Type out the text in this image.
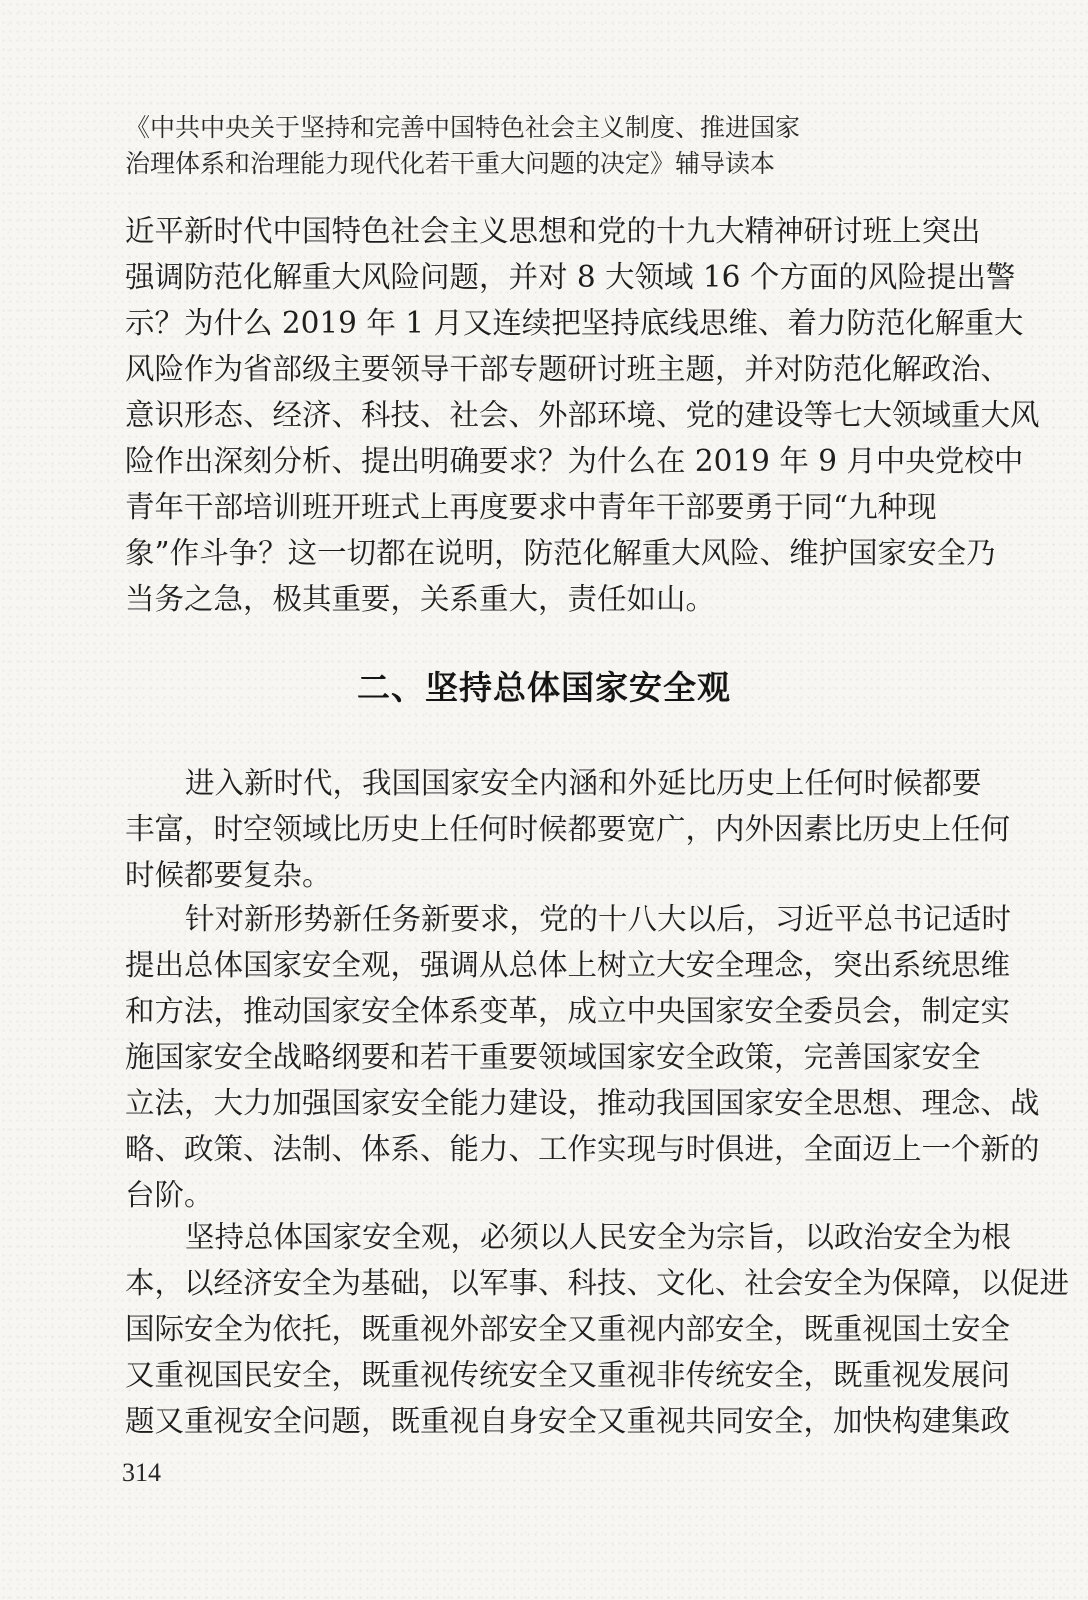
《中共中央关于坚持和完善中国特色社会主义制度、推进国家
治理体系和治理能力现代化若干重大问题的决定》辅导读本
近平新时代中国特色社会主义思想和党的十九大精神研讨班上突出
强调防范化解重大风险问题，并对 8 大领域 16 个方面的风险提出警
示？为什么 2019 年 1 月又连续把坚持底线思维、着力防范化解重大
风险作为省部级主要领导干部专题研讨班主题，并对防范化解政治、
意识形态、经济、科技、社会、外部环境、党的建设等七大领域重大风
险作出深刻分析、提出明确要求？为什么在 2019 年 9 月中央党校中
青年干部培训班开班式上再度要求中青年干部要勇于同“九种现
象”作斗争？这一切都在说明，防范化解重大风险、维护国家安全乃
当务之急，极其重要，关系重大，责任如山。
二、坚持总体国家安全观
进入新时代，我国国家安全内涵和外延比历史上任何时候都要
丰富，时空领域比历史上任何时候都要宽广，内外因素比历史上任何
时候都要复杂。
针对新形势新任务新要求，党的十八大以后，习近平总书记适时
提出总体国家安全观，强调从总体上树立大安全理念，突出系统思维
和方法，推动国家安全体系变革，成立中央国家安全委员会，制定实
施国家安全战略纲要和若干重要领域国家安全政策，完善国家安全
立法，大力加强国家安全能力建设，推动我国国家安全思想、理念、战
略、政策、法制、体系、能力、工作实现与时俱进，全面迈上一个新的
台阶。
坚持总体国家安全观，必须以人民安全为宗旨，以政治安全为根
本，以经济安全为基础，以军事、科技、文化、社会安全为保障，以促进
国际安全为依托，既重视外部安全又重视内部安全，既重视国土安全
又重视国民安全，既重视传统安全又重视非传统安全，既重视发展问
题又重视安全问题，既重视自身安全又重视共同安全，加快构建集政
314
